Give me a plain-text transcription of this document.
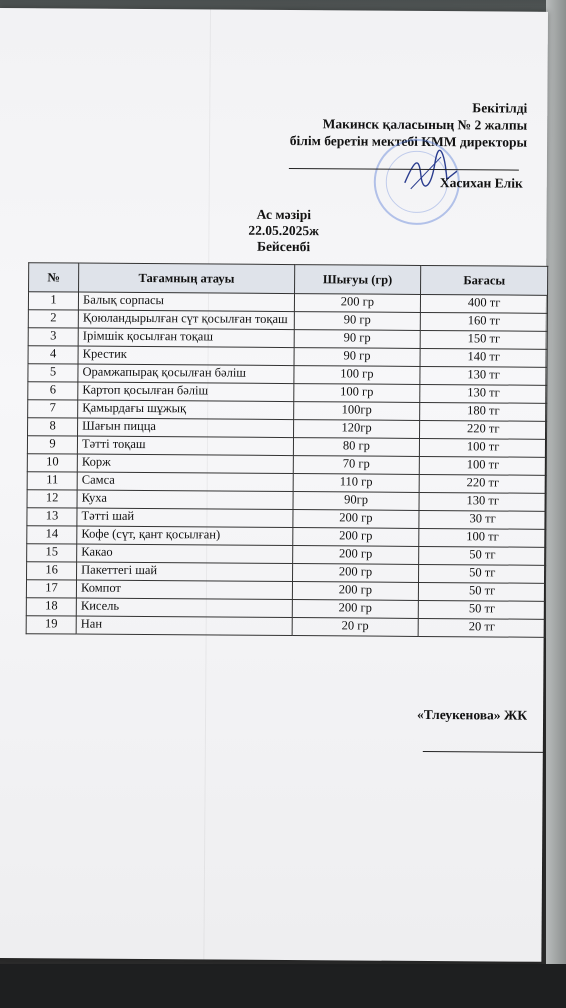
Бекітілді
Макинск қаласының № 2 жалпы
білім беретін мектебі КММ директоры
Хасихан Елік
Ас мәзірі
22.05.2025ж
Бейсенбі
№	Тағамның атауы	Шығуы (гр)	Бағасы
1	Балық сорпасы	200 гр	400 тг
2	Қоюландырылған сүт қосылған тоқаш	90 гр	160 тг
3	Ірімшік қосылған тоқаш	90 гр	150 тг
4	Крестик	90 гр	140 тг
5	Орамжапырақ қосылған бәліш	100 гр	130 тг
6	Картоп қосылған бәліш	100 гр	130 тг
7	Қамырдағы шұжық	100гр	180 тг
8	Шағын пицца	120гр	220 тг
9	Тәтті тоқаш	80 гр	100 тг
10	Корж	70 гр	100 тг
11	Самса	110 гр	220 тг
12	Куха	90гр	130 тг
13	Тәтті шай	200 гр	30 тг
14	Кофе (сүт, қант қосылған)	200 гр	100 тг
15	Какао	200 гр	50 тг
16	Пакеттегі шай	200 гр	50 тг
17	Компот	200 гр	50 тг
18	Кисель	200 гр	50 тг
19	Нан	20 гр	20 тг
«Тлеукенова» ЖК
